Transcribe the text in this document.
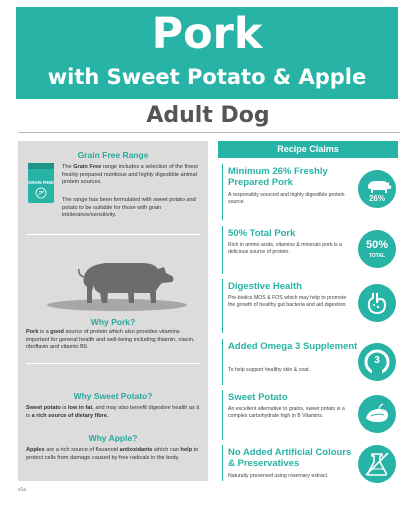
Pork
with Sweet Potato & Apple
Adult Dog
Grain Free Range
GRAIN FREE
The Grain Free range includes a selection of the finest freshly prepared nutritious and highly digestible animal protein sources.
The range has been formulated with sweet potato and potato to be suitable for those with grain intolerance/sensitivity.
Why Pork?
Pork is a good source of protein which also provides vitamins important for general health and well-being including thiamin, niacin, riboflavin and vitamin B6.
Why Sweet Potato?
Sweet potato is low in fat, and may also benefit digestive health as it is a rich source of dietary fibre.
Why Apple?
Apples are a rich source of flavanoid antioxidants which can help to protect cells from damage caused by free radicals in the body.
Recipe Claims
Minimum 26% Freshly Prepared Pork
A responsibly sourced and highly digestible protein source.	26%
50% Total Pork
Rich in amino acids, vitamins & minerals pork is a delicious source of protein.
50%
TOTAL
Digestive Health
Pre-biotics MOS & FOS which may help to promote the growth of healthy gut bacteria and aid digestion.
Added Omega 3 Supplement
To help support healthy skin & coat.
3
Sweet Potato
An excellent alternative to grains, sweet potato is a complex carbohydrate high in B Vitamins.
No Added Artificial Colours & Preservatives
Naturally preserved using rosemary extract.
v1a
